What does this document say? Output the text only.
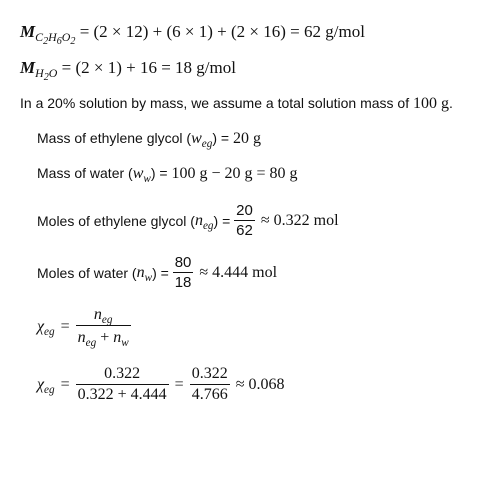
$M_{C_2H_6O_2} = (2 \times 12) + (6 \times 1) + (2 \times 16) = 62$ g/mol
$M_{H_2O} = (2 \times 1) + 16 = 18$ g/mol
In a 20% solution by mass, we assume a total solution mass of 100 g.
Mass of ethylene glycol $(w_{eg}) = 20$ g
Mass of water $(w_w) = 100$ g − 20 g = 80 g
Moles of ethylene glycol ( $n_{eg}$ ) = $\frac{20}{62} \approx 0.322$ mol
Moles of water ( $n_w$ ) = $\frac{80}{18} \approx 4.444$ mol
$\chi_{eg} = \frac{n_{eg}}{n_{eg} + n_w}$
$\chi_{eg} = \frac{0.322}{0.322 + 4.444} = \frac{0.322}{4.766} \approx 0.068$
